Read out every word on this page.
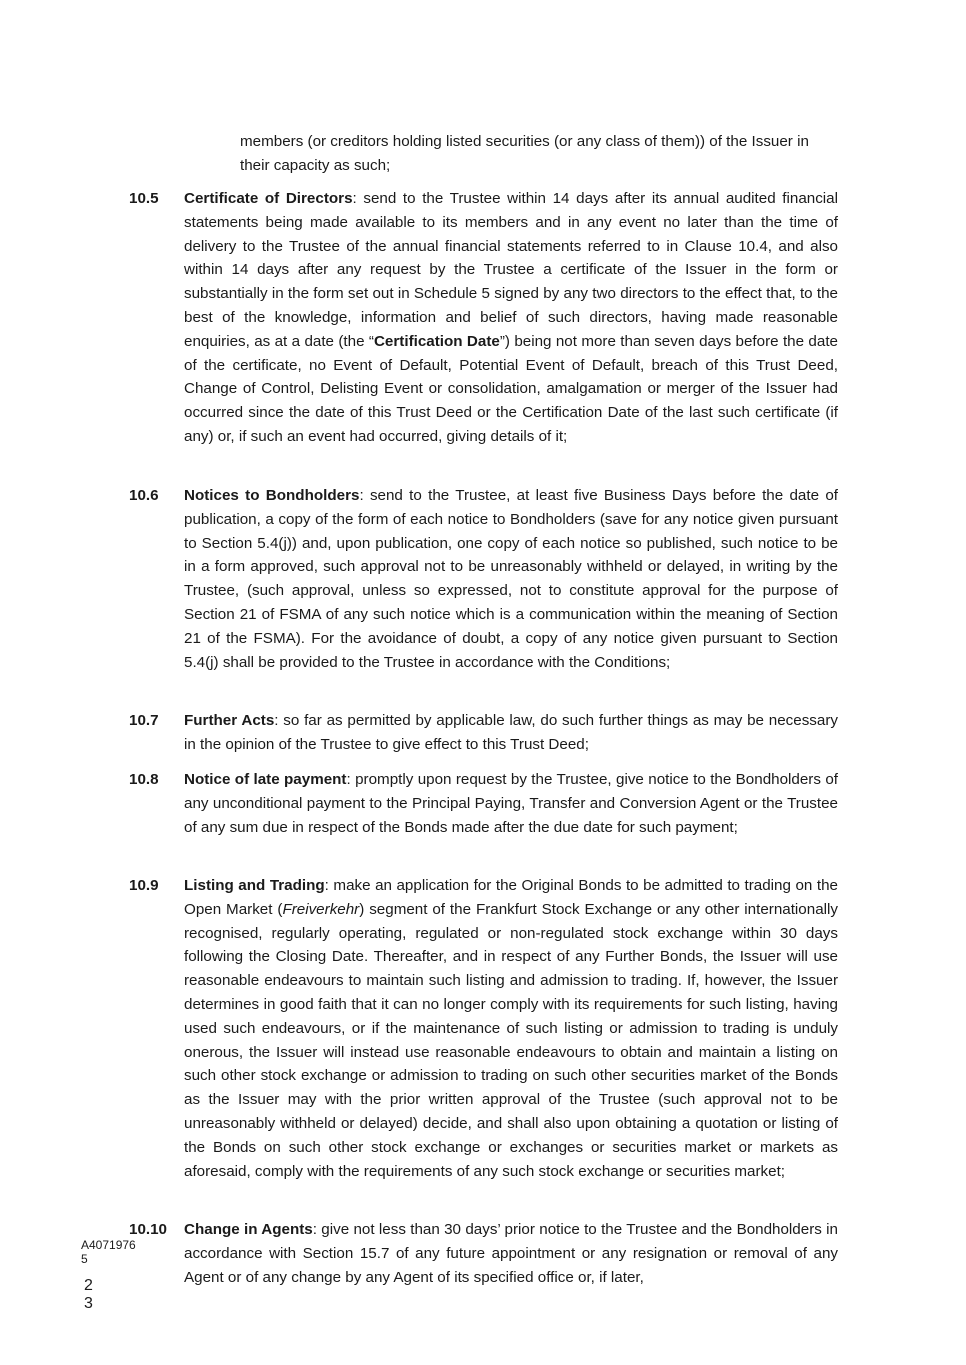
members (or creditors holding listed securities (or any class of them)) of the Issuer in their capacity as such;
10.5 Certificate of Directors: send to the Trustee within 14 days after its annual audited financial statements being made available to its members and in any event no later than the time of delivery to the Trustee of the annual financial statements referred to in Clause 10.4, and also within 14 days after any request by the Trustee a certificate of the Issuer in the form or substantially in the form set out in Schedule 5 signed by any two directors to the effect that, to the best of the knowledge, information and belief of such directors, having made reasonable enquiries, as at a date (the “Certification Date”) being not more than seven days before the date of the certificate, no Event of Default, Potential Event of Default, breach of this Trust Deed, Change of Control, Delisting Event or consolidation, amalgamation or merger of the Issuer had occurred since the date of this Trust Deed or the Certification Date of the last such certificate (if any) or, if such an event had occurred, giving details of it;
10.6 Notices to Bondholders: send to the Trustee, at least five Business Days before the date of publication, a copy of the form of each notice to Bondholders (save for any notice given pursuant to Section 5.4(j)) and, upon publication, one copy of each notice so published, such notice to be in a form approved, such approval not to be unreasonably withheld or delayed, in writing by the Trustee, (such approval, unless so expressed, not to constitute approval for the purpose of Section 21 of FSMA of any such notice which is a communication within the meaning of Section 21 of the FSMA). For the avoidance of doubt, a copy of any notice given pursuant to Section 5.4(j) shall be provided to the Trustee in accordance with the Conditions;
10.7 Further Acts: so far as permitted by applicable law, do such further things as may be necessary in the opinion of the Trustee to give effect to this Trust Deed;
10.8 Notice of late payment: promptly upon request by the Trustee, give notice to the Bondholders of any unconditional payment to the Principal Paying, Transfer and Conversion Agent or the Trustee of any sum due in respect of the Bonds made after the due date for such payment;
10.9 Listing and Trading: make an application for the Original Bonds to be admitted to trading on the Open Market (Freiverkehr) segment of the Frankfurt Stock Exchange or any other internationally recognised, regularly operating, regulated or non-regulated stock exchange within 30 days following the Closing Date. Thereafter, and in respect of any Further Bonds, the Issuer will use reasonable endeavours to maintain such listing and admission to trading. If, however, the Issuer determines in good faith that it can no longer comply with its requirements for such listing, having used such endeavours, or if the maintenance of such listing or admission to trading is unduly onerous, the Issuer will instead use reasonable endeavours to obtain and maintain a listing on such other stock exchange or admission to trading on such other securities market of the Bonds as the Issuer may with the prior written approval of the Trustee (such approval not to be unreasonably withheld or delayed) decide, and shall also upon obtaining a quotation or listing of the Bonds on such other stock exchange or exchanges or securities market or markets as aforesaid, comply with the requirements of any such stock exchange or securities market;
10.10 Change in Agents: give not less than 30 days’ prior notice to the Trustee and the Bondholders in accordance with Section 15.7 of any future appointment or any resignation or removal of any Agent or of any change by any Agent of its specified office or, if later,
A4071976
5
2
3
